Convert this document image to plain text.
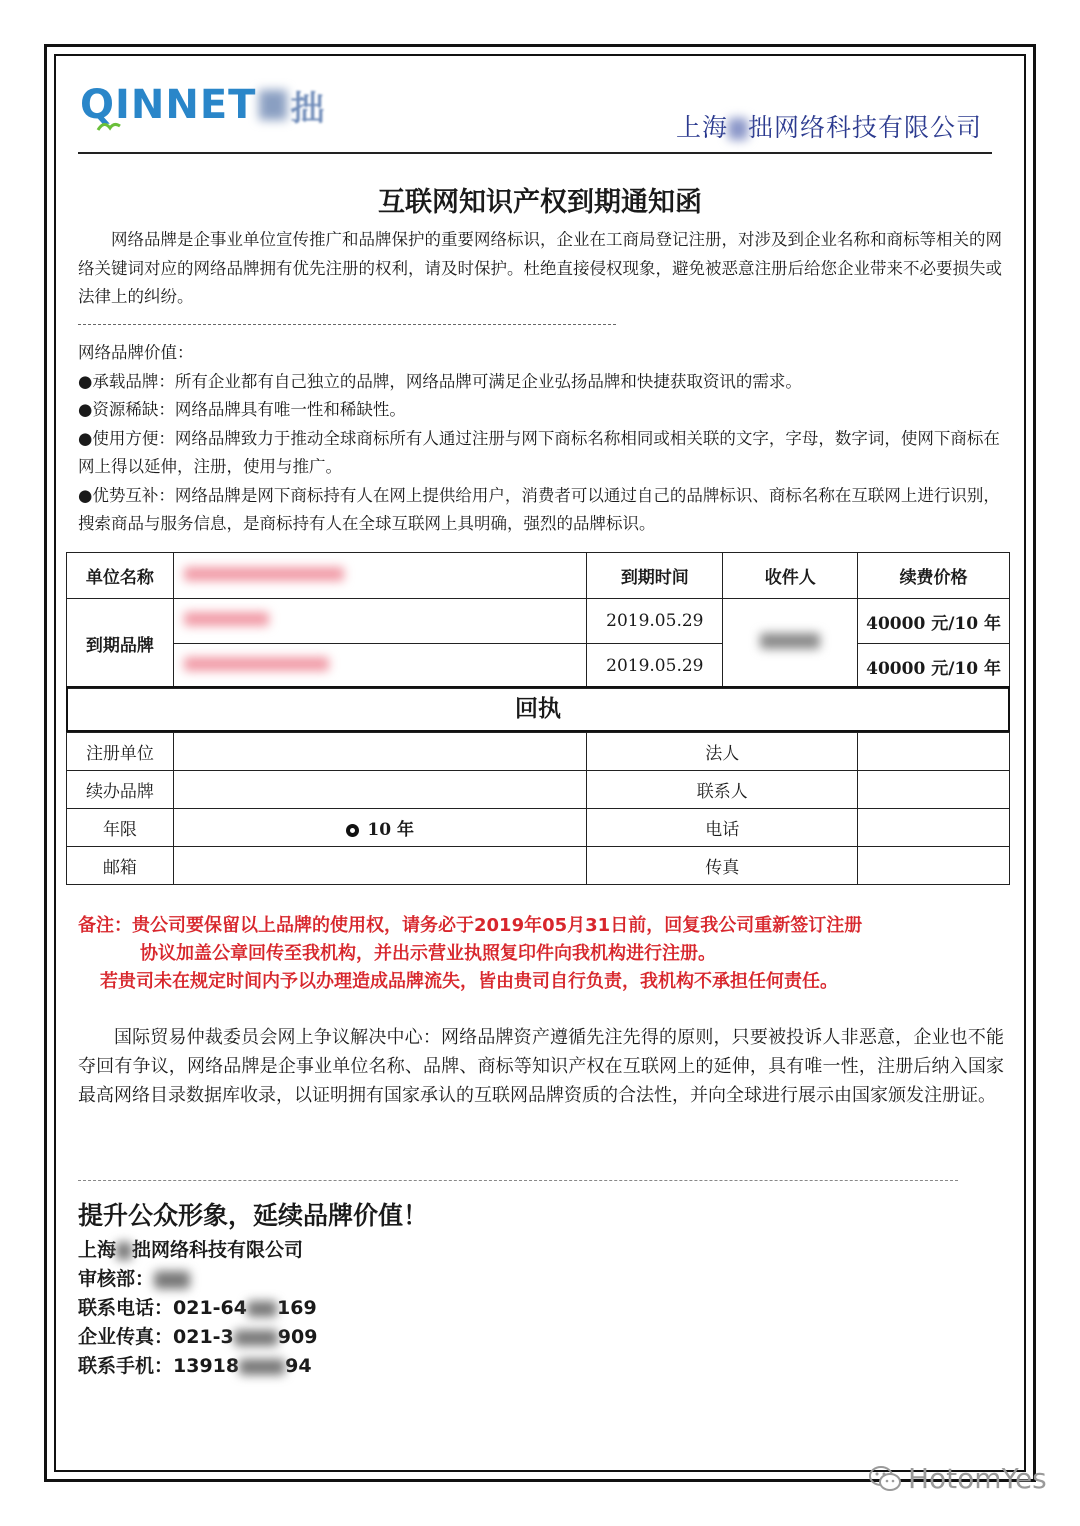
QINNET 拙	上海 拙网络科技有限公司
互联网知识产权到期通知函
网络品牌是企事业单位宣传推广和品牌保护的重要网络标识，企业在工商局登记注册，对涉及到企业名称和商标等相关的网络关键词对应的网络品牌拥有优先注册的权利，请及时保护。杜绝直接侵权现象，避免被恶意注册后给您企业带来不必要损失或法律上的纠纷。
网络品牌价值：
● 承载品牌：所有企业都有自己独立的品牌，网络品牌可满足企业弘扬品牌和快捷获取资讯的需求。
● 资源稀缺：网络品牌具有唯一性和稀缺性。
● 使用方便：网络品牌致力于推动全球商标所有人通过注册与网下商标名称相同或相关联的文字，字母，数字词，使网下商标在网上得以延伸，注册，使用与推广。
● 优势互补：网络品牌是网下商标持有人在网上提供给用户，消费者可以通过自己的品牌标识、商标名称在互联网上进行识别，搜索商品与服务信息，是商标持有人在全球互联网上具明确，强烈的品牌标识。
单位名称		到期时间	收件人	续费价格
到期品牌		2019.05.29		40000 元/10 年
		2019.05.29		40000 元/10 年
回执
注册单位		法人	
续办品牌		联系人	
年限	10 年	电话	
邮箱		传真	
备注：贵公司要保留以上品牌的使用权，请务必于2019年05月31日前，回复我公司重新签订注册
协议加盖公章回传至我机构，并出示营业执照复印件向我机构进行注册。
若贵司未在规定时间内予以办理造成品牌流失，皆由贵司自行负责，我机构不承担任何责任。
国际贸易仲裁委员会网上争议解决中心：网络品牌资产遵循先注先得的原则，只要被投诉人非恶意，企业也不能夺回有争议，网络品牌是企事业单位名称、品牌、商标等知识产权在互联网上的延伸，具有唯一性，注册后纳入国家最高网络目录数据库收录，以证明拥有国家承认的互联网品牌资质的合法性，并向全球进行展示由国家颁发注册证。
提升公众形象，延续品牌价值！
上海 拙网络科技有限公司
审核部：
联系电话：021-64 169
企业传真：021-3 909
联系手机：13918 94
HotomYes
